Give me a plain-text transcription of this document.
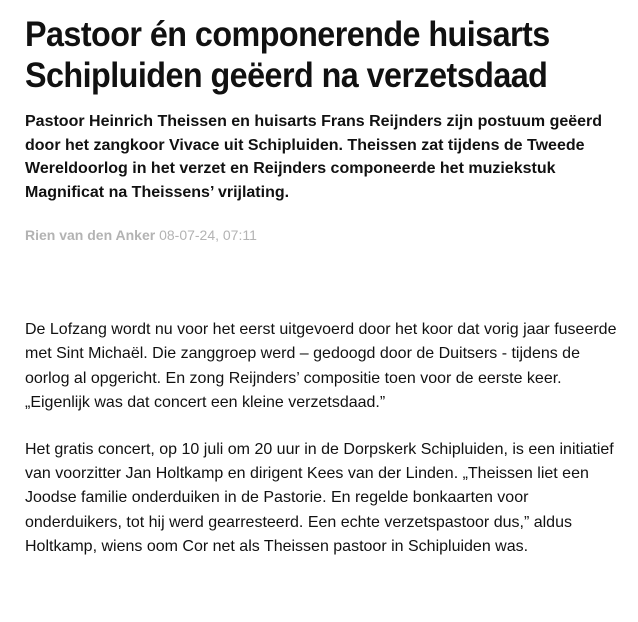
Pastoor én componerende huisarts Schipluiden geëerd na verzetsdaad

Pastoor Heinrich Theissen en huisarts Frans Reijnders zijn postuum geëerd door het zangkoor Vivace uit Schipluiden. Theissen zat tijdens de Tweede Wereldoorlog in het verzet en Reijnders componeerde het muziekstuk Magnificat na Theissens’ vrijlating.

Rien van den Anker 08-07-24, 07:11

De Lofzang wordt nu voor het eerst uitgevoerd door het koor dat vorig jaar fuseerde met Sint Michaël. Die zanggroep werd – gedoogd door de Duitsers - tijdens de oorlog al opgericht. En zong Reijnders’ compositie toen voor de eerste keer. „Eigenlijk was dat concert een kleine verzetsdaad.”

Het gratis concert, op 10 juli om 20 uur in de Dorpskerk Schipluiden, is een initiatief van voorzitter Jan Holtkamp en dirigent Kees van der Linden. „Theissen liet een Joodse familie onderduiken in de Pastorie. En regelde bonkaarten voor onderduikers, tot hij werd gearresteerd. Een echte verzetspastoor dus,” aldus Holtkamp, wiens oom Cor net als Theissen pastoor in Schipluiden was.
